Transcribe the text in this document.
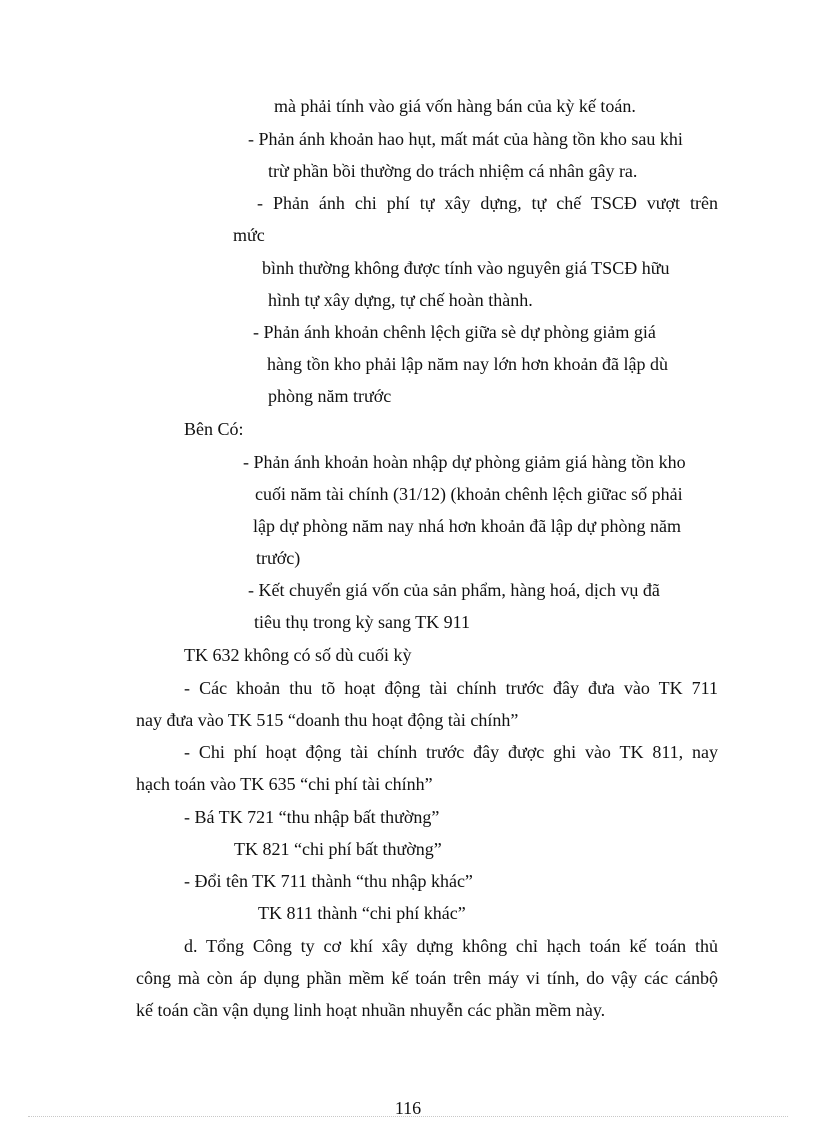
mà phải tính vào giá vốn hàng bán của kỳ kế toán.
- Phản ánh khoản hao hụt, mất mát của hàng tồn kho sau khi
trừ phần bồi thường do trách nhiệm cá nhân gây ra.
- Phản ánh chi phí tự xây dựng, tự chế TSCĐ vượt trên
mức
bình thường không được tính vào nguyên giá TSCĐ hữu
hình tự xây dựng, tự chế hoàn thành.
- Phản ánh khoản chênh lệch giữa sè dự phòng giảm giá
hàng tồn kho phải lập năm nay lớn hơn khoản đã lập dù
phòng năm trước
Bên Có:
- Phản ánh khoản hoàn nhập dự phòng giảm giá hàng tồn kho
cuối năm tài chính (31/12) (khoản chênh lệch giữac số phải
lập dự phòng năm nay nhá hơn khoản đã lập dự phòng năm
trước)
- Kết chuyển giá vốn của sản phẩm, hàng hoá, dịch vụ đã
tiêu thụ trong kỳ sang TK 911
TK 632 không có số dù cuối kỳ
- Các khoản thu tõ hoạt động tài chính trước đây đưa vào TK 711
nay đưa vào TK 515 “doanh thu hoạt động tài chính”
- Chi phí hoạt động tài chính trước đây được ghi vào TK 811, nay
hạch toán vào TK 635 “chi phí tài chính”
- Bá TK 721 “thu nhập bất thường”
TK 821 “chi phí bất thường”
- Đổi tên TK 711 thành “thu nhập khác”
TK 811 thành “chi phí khác”
d. Tổng Công ty cơ khí xây dựng không chỉ hạch toán kế toán thủ
công mà còn áp dụng phần mềm kế toán trên máy vi tính, do vậy các cánbộ
kế toán cần vận dụng linh hoạt nhuần nhuyễn các phần mềm này.
116
